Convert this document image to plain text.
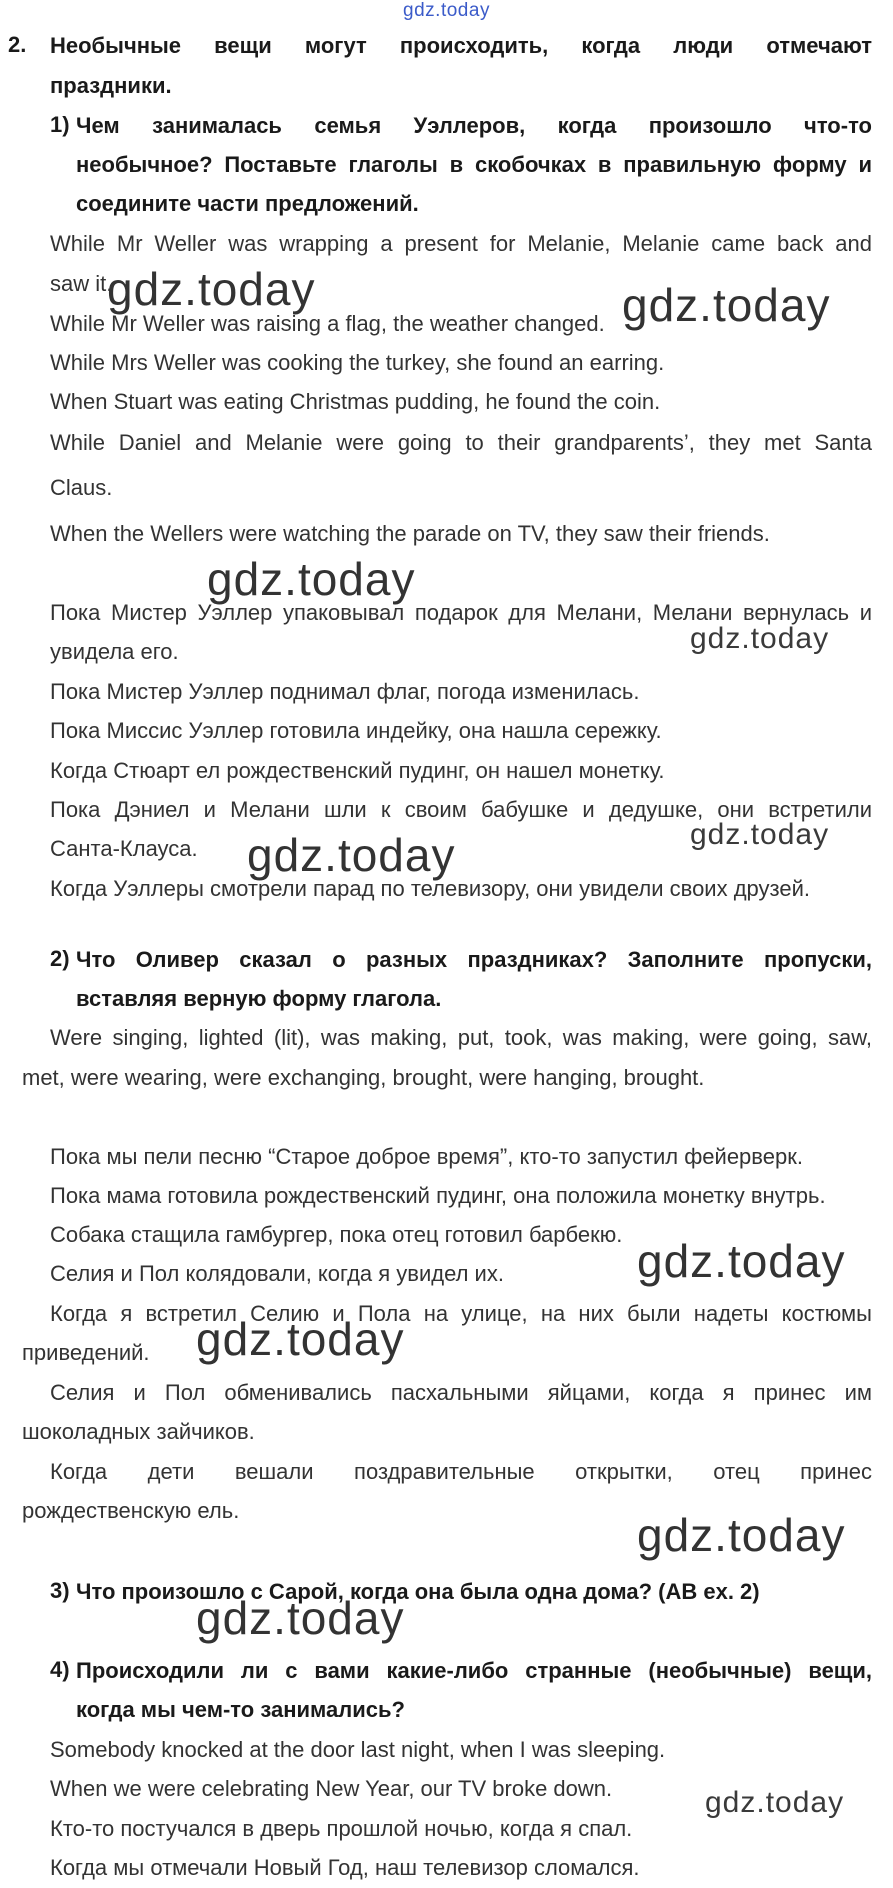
gdz.today
2. Необычные вещи могут происходить, когда люди отмечают
праздники.
1) Чем занималась семья Уэллеров, когда произошло что-то
необычное? Поставьте глаголы в скобочках в правильную форму и
соедините части предложений.
While Mr Weller was wrapping a present for Melanie, Melanie came back and
saw it.
While Mr Weller was raising a flag, the weather changed.
While Mrs Weller was cooking the turkey, she found an earring.
When Stuart was eating Christmas pudding, he found the coin.
While Daniel and Melanie were going to their grandparents’, they met Santa
Claus.
When the Wellers were watching the parade on TV, they saw their friends.
Пока Мистер Уэллер упаковывал подарок для Мелани, Мелани вернулась и
увидела его.
Пока Мистер Уэллер поднимал флаг, погода изменилась.
Пока Миссис Уэллер готовила индейку, она нашла сережку.
Когда Стюарт ел рождественский пудинг, он нашел монетку.
Пока Дэниел и Мелани шли к своим бабушке и дедушке, они встретили
Санта-Клауса.
Когда Уэллеры смотрели парад по телевизору, они увидели своих друзей.
2) Что Оливер сказал о разных праздниках? Заполните пропуски,
вставляя верную форму глагола.
Were singing, lighted (lit), was making, put, took, was making, were going, saw,
met, were wearing, were exchanging, brought, were hanging, brought.
Пока мы пели песню “Старое доброе время”, кто-то запустил фейерверк.
Пока мама готовила рождественский пудинг, она положила монетку внутрь.
Собака стащила гамбургер, пока отец готовил барбекю.
Селия и Пол колядовали, когда я увидел их.
Когда я встретил Селию и Пола на улице, на них были надеты костюмы
приведений.
Селия и Пол обменивались пасхальными яйцами, когда я принес им
шоколадных зайчиков.
Когда дети вешали поздравительные открытки, отец принес
рождественскую ель.
3) Что произошло с Сарой, когда она была одна дома? (AB ex. 2)
4) Происходили ли с вами какие-либо странные (необычные) вещи,
когда мы чем-то занимались?
Somebody knocked at the door last night, when I was sleeping.
When we were celebrating New Year, our TV broke down.
Кто-то постучался в дверь прошлой ночью, когда я спал.
Когда мы отмечали Новый Год, наш телевизор сломался.
gdz.today	gdz.today
gdz.today
gdz.today
gdz.today
gdz.today
gdz.today
gdz.today
gdz.today
gdz.today
gdz.today
